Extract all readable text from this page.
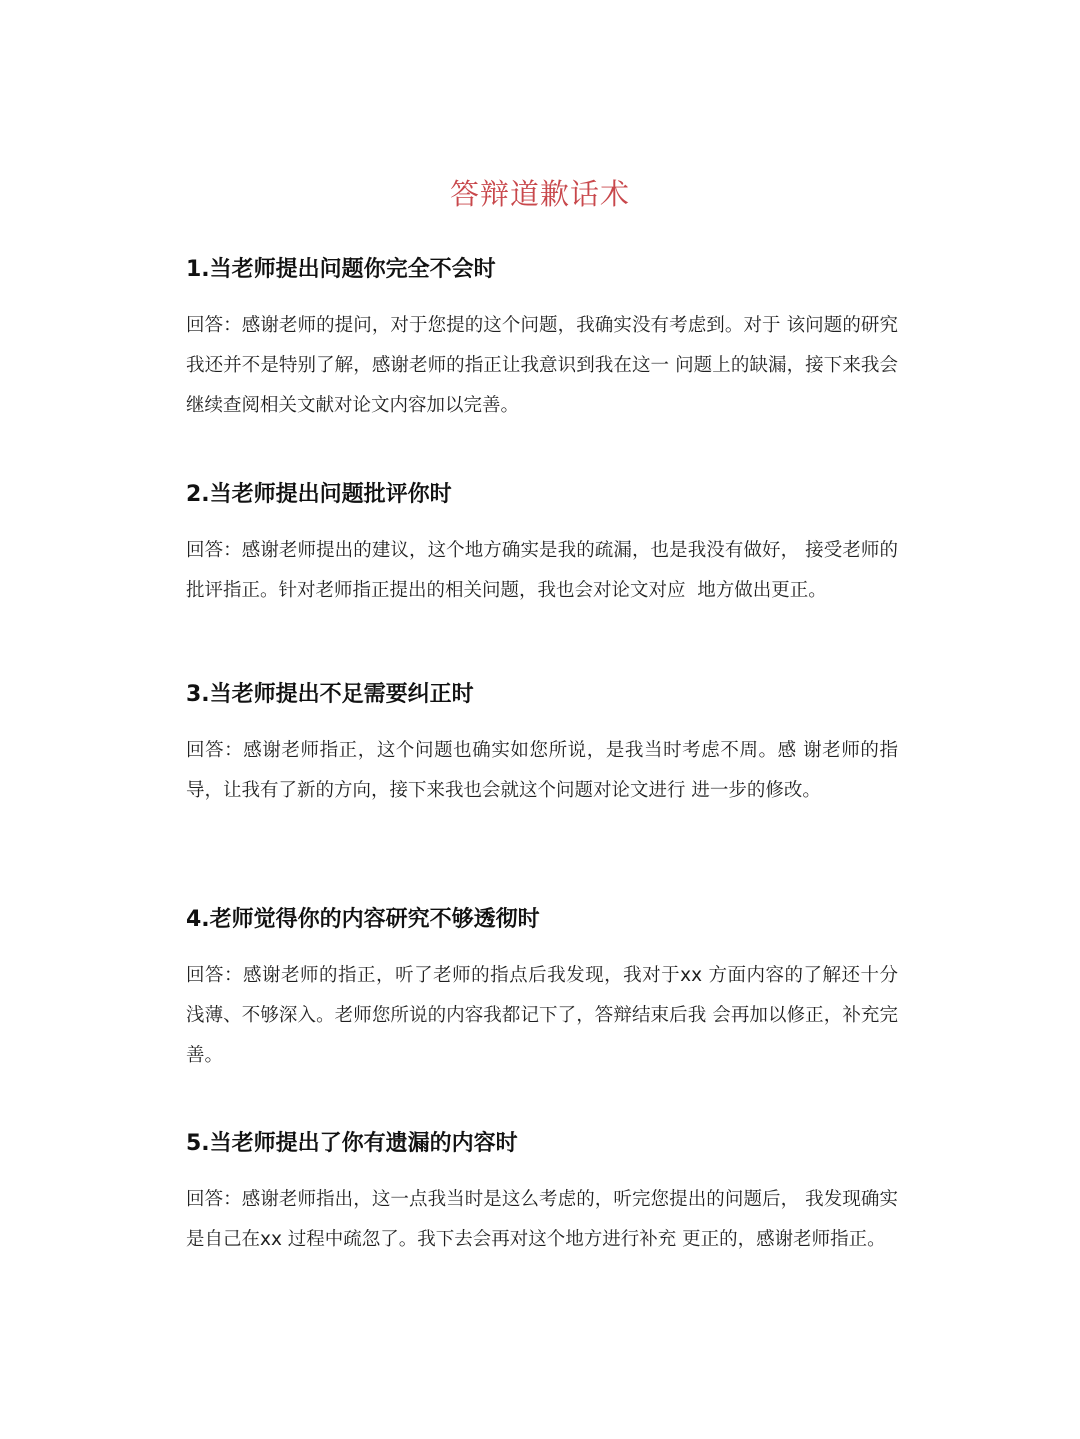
答辩道歉话术
1.当老师提出问题你完全不会时

回答：感谢老师的提问，对于您提的这个问题，我确实没有考虑到。对于 该问题的研究我还并不是特别了解，感谢老师的指正让我意识到我在这一 问题上的缺漏，接下来我会继续查阅相关文献对论文内容加以完善。

2.当老师提出问题批评你时

回答：感谢老师提出的建议，这个地方确实是我的疏漏，也是我没有做好， 接受老师的批评指正。针对老师指正提出的相关问题，我也会对论文对应  地方做出更正。

3.当老师提出不足需要纠正时

回答：感谢老师指正，这个问题也确实如您所说，是我当时考虑不周。感 谢老师的指导，让我有了新的方向，接下来我也会就这个问题对论文进行 进一步的修改。

4.老师觉得你的内容研究不够透彻时

回答：感谢老师的指正，听了老师的指点后我发现，我对于xx 方面内容的了解还十分浅薄、不够深入。老师您所说的内容我都记下了，答辩结束后我 会再加以修正，补充完善。

5.当老师提出了你有遗漏的内容时

回答：感谢老师指出，这一点我当时是这么考虑的，听完您提出的问题后， 我发现确实是自己在xx 过程中疏忽了。我下去会再对这个地方进行补充 更正的，感谢老师指正。
